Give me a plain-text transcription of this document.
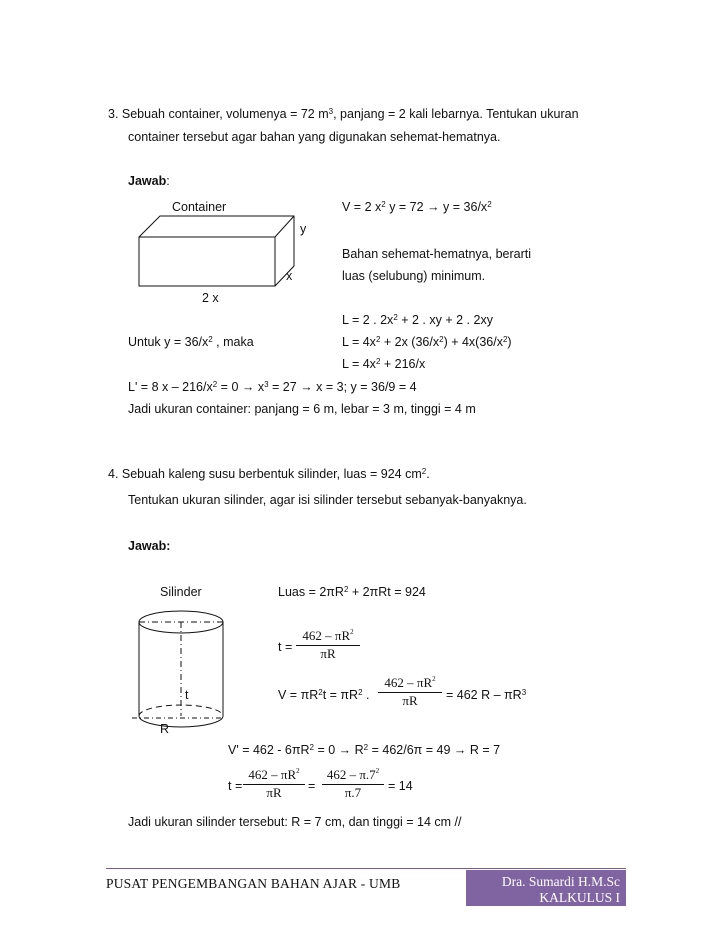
3. Sebuah container, volumenya = 72 $m^3$, panjang = 2 kali lebarnya. Tentukan ukuran
container tersebut agar bahan yang digunakan sehemat-hematnya.
Jawab:
Container	V = 2 $x^2$ $y = 72 \to y = 36/x^2$
y
Bahan sehemat-hematnya, berarti
x	luas (selubung) minimum.
2 x
L = 2 . $2x^2 + 2$ . xy + 2 . 2xy
Untuk $y = 36/x^2$ , maka	$L = 4x^2 + 2x$ $(36/x^2) + 4x(36/x^2)$
$L = 4x^2 + 216/x$
L' = 8 $x - 216/x^2 = 0 \to x^3 = 27 \to x = 3$; y = 36/9 = 4
Jadi ukuran container: panjang = 6 m, lebar = 3 m, tinggi = 4 m
4. Sebuah kaleng susu berbentuk silinder, luas = 924 $cm^2$.
Tentukan ukuran silinder, agar isi silinder tersebut sebanyak-banyaknya.
Jawab:
Silinder	Luas = $2\pi R^2 + 2\pi Rt = 924$
t
R
$t = \frac{462 - \pi R^2}{\pi R}$
$V = \pi R^2t = \pi R^2$ . $\frac{462 - \pi R^2}{\pi R} = 462$ R – $\pi R^3$
$V' = 462 - 6\pi R^2 = 0 \to R^2 = 462/6\pi = 49 \to R = 7$
$t = \frac{462 - \pi R^2}{\pi R} = \frac{462 - \pi.7^2}{\pi.7} = 14$
Jadi ukuran silinder tersebut: R = 7 cm, dan tinggi = 14 cm //
PUSAT PENGEMBANGAN BAHAN AJAR - UMB	Dra. Sumardi H.M.Sc
KALKULUS I
